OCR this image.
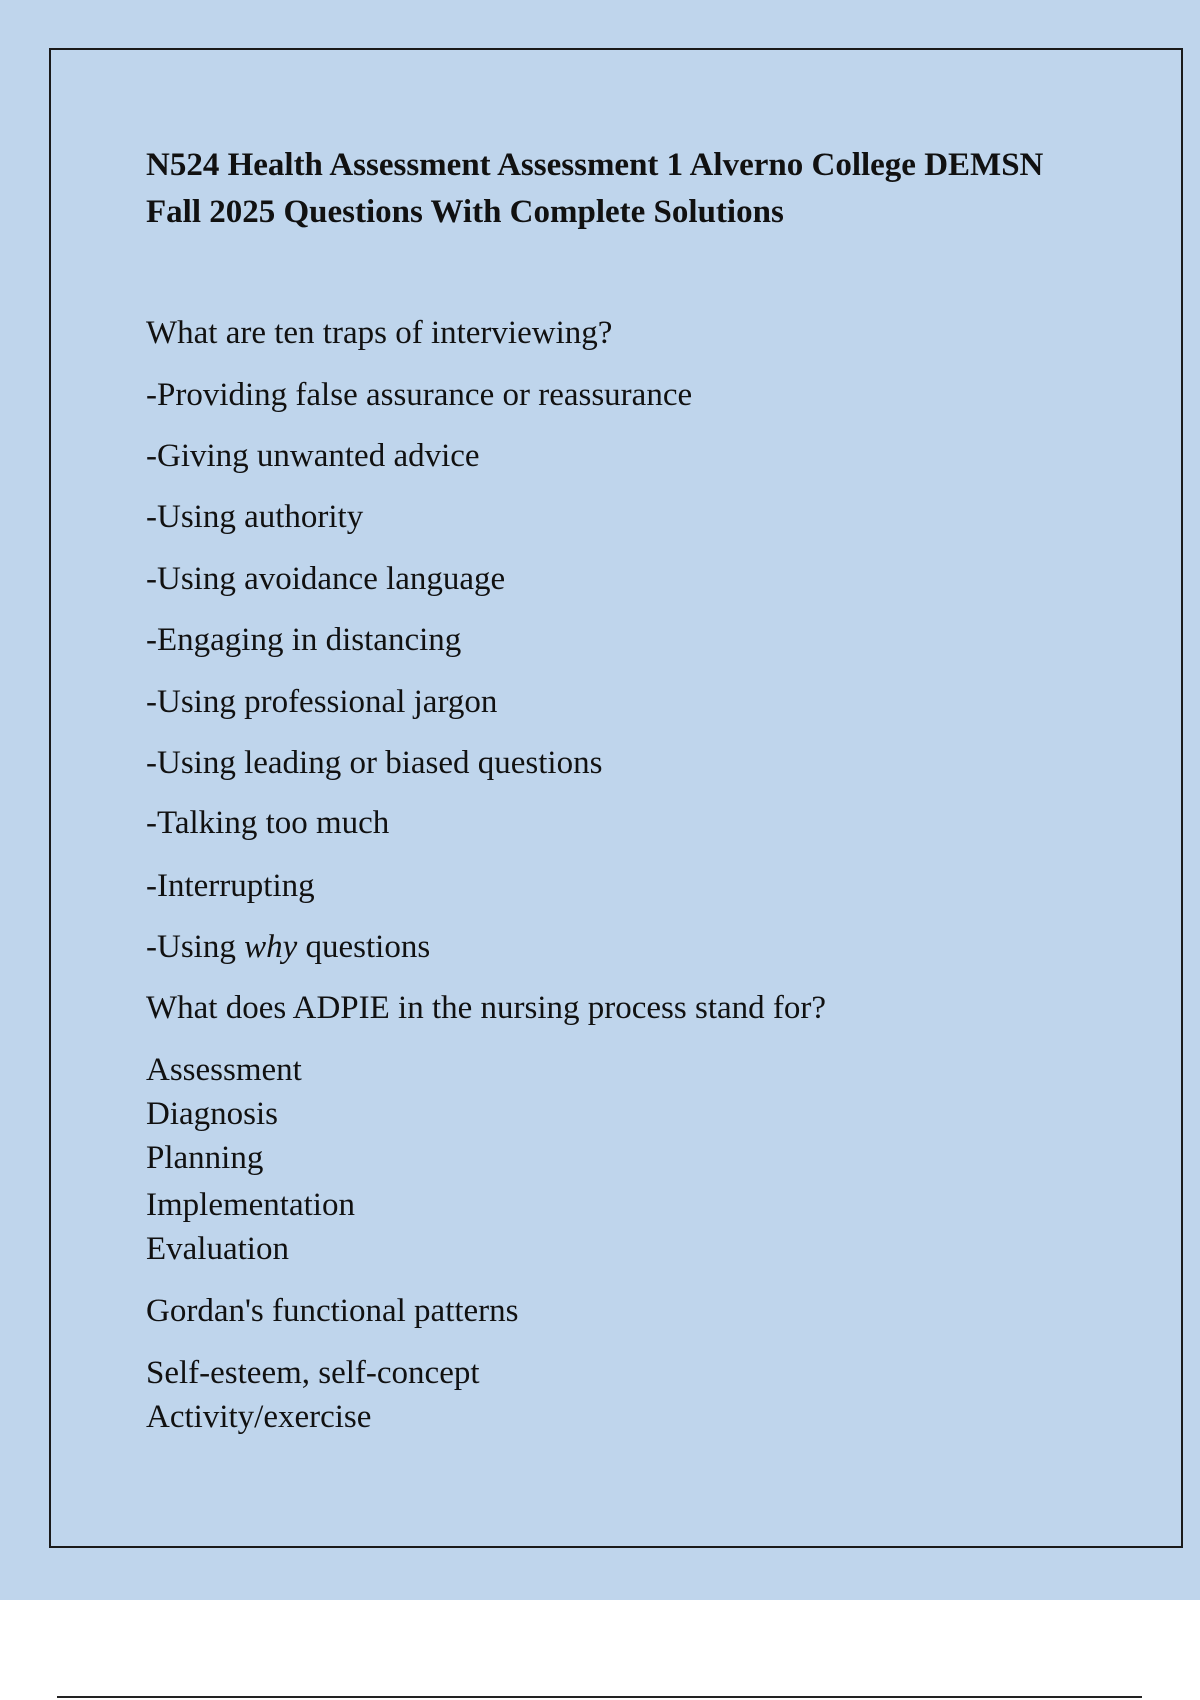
N524 Health Assessment Assessment 1 Alverno College DEMSN Fall 2025 Questions With Complete Solutions

What are ten traps of interviewing?

-Providing false assurance or reassurance

-Giving unwanted advice

-Using authority

-Using avoidance language

-Engaging in distancing

-Using professional jargon

-Using leading or biased questions

-Talking too much

-Interrupting

-Using why questions

What does ADPIE in the nursing process stand for?

Assessment

Diagnosis

Planning

Implementation

Evaluation

Gordan's functional patterns

Self-esteem, self-concept

Activity/exercise
